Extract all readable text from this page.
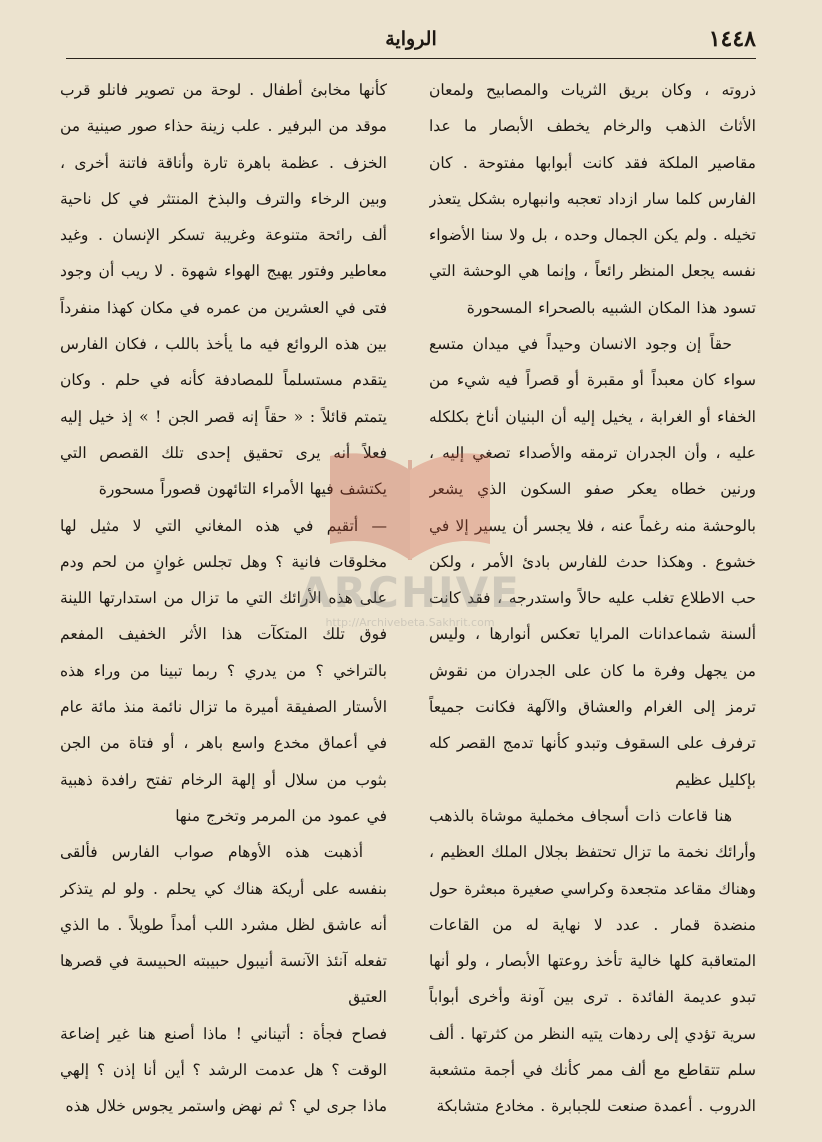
١٤٤٨
الرواية

ذروته ، وكان بريق الثريات والمصابيح ولمعان الأثاث الذهب والرخام يخطف الأبصار ما عدا مقاصير الملكة فقد كانت أبوابها مفتوحة . كان الفارس كلما سار ازداد تعجبه وانبهاره بشكل يتعذر تخيله . ولم يكن الجمال وحده ، بل ولا سنا الأضواء نفسه يجعل المنظر رائعاً ، وإنما هي الوحشة التي تسود هذا المكان الشبيه بالصحراء المسحورة

حقاً إن وجود الانسان وحيداً في ميدان متسع سواء كان معبداً أو مقبرة أو قصراً فيه شيء من الخفاء أو الغرابة ، يخيل إليه أن البنيان أناخ بكلكله عليه ، وأن الجدران ترمقه والأصداء تصغي إليه ، ورنين خطاه يعكر صفو السكون الذي يشعر بالوحشة منه رغماً عنه ، فلا يجسر أن يسير إلا في خشوع . وهكذا حدث للفارس بادئ الأمر ، ولكن حب الاطلاع تغلب عليه حالاً واستدرجه ، فقد كانت ألسنة شماعدانات المرايا تعكس أنوارها ، وليس من يجهل وفرة ما كان على الجدران من نقوش ترمز إلى الغرام والعشاق والآلهة فكانت جميعاً ترفرف على السقوف وتبدو كأنها تدمج القصر كله بإكليل عظيم

هنا قاعات ذات أسجاف مخملية موشاة بالذهب وأرائك نخمة ما تزال تحتفظ بجلال الملك العظيم ، وهناك مقاعد متجعدة وكراسي صغيرة مبعثرة حول منضدة قمار . عدد لا نهاية له من القاعات المتعاقبة كلها خالية تأخذ روعتها الأبصار ، ولو أنها تبدو عديمة الفائدة . ترى بين آونة وأخرى أبواباً سرية تؤدي إلى ردهات يتيه النظر من كثرتها . ألف سلم تتقاطع مع ألف ممر كأنك في أجمة متشعبة الدروب . أعمدة صنعت للجبابرة . مخادع متشابكة

كأنها مخابئ أطفال . لوحة من تصوير فانلو قرب موقد من البرفير . علب زينة حذاء صور صينية من الخزف . عظمة باهرة تارة وأناقة فاتنة أخرى ، وبين الرخاء والترف والبذخ المنتثر في كل ناحية ألف رائحة متنوعة وغريبة تسكر الإنسان . وغيد معاطير وفتور يهيج الهواء شهوة . لا ريب أن وجود فتى في العشرين من عمره في مكان كهذا منفرداً بين هذه الروائع فيه ما يأخذ باللب ، فكان الفارس يتقدم مستسلماً للمصادفة كأنه في حلم . وكان يتمتم قائلاً : « حقاً إنه قصر الجن ! » إذ خيل إليه فعلاً أنه يرى تحقيق إحدى تلك القصص التي يكتشف فيها الأمراء التائهون قصوراً مسحورة

— أتقيم في هذه المغاني التي لا مثيل لها مخلوقات فانية ؟ وهل تجلس غوانٍ من لحم ودم على هذه الأرائك التي ما تزال من استدارتها اللينة فوق تلك المتكآت هذا الأثر الخفيف المفعم بالتراخي ؟ من يدري ؟ ربما تبينا من وراء هذه الأستار الصفيقة أميرة ما تزال نائمة منذ مائة عام في أعماق مخدع واسع باهر ، أو فتاة من الجن بثوب من سلال أو إلهة الرخام تفتح رافدة ذهبية في عمود من المرمر وتخرج منها

أذهبت هذه الأوهام صواب الفارس فألقى بنفسه على أريكة هناك كي يحلم . ولو لم يتذكر أنه عاشق لظل مشرد اللب أمداً طويلاً . ما الذي تفعله آنئذ الآنسة أنيبول حبيبته الحبيسة في قصرها العتيق

فصاح فجأة : أتيناني ! ماذا أصنع هنا غير إضاعة الوقت ؟ هل عدمت الرشد ؟ أين أنا إذن ؟ إلهي ماذا جرى لي ؟ ثم نهض واستمر يجوس خلال هذه

ARCHIVE
http://Archivebeta.Sakhrit.com
